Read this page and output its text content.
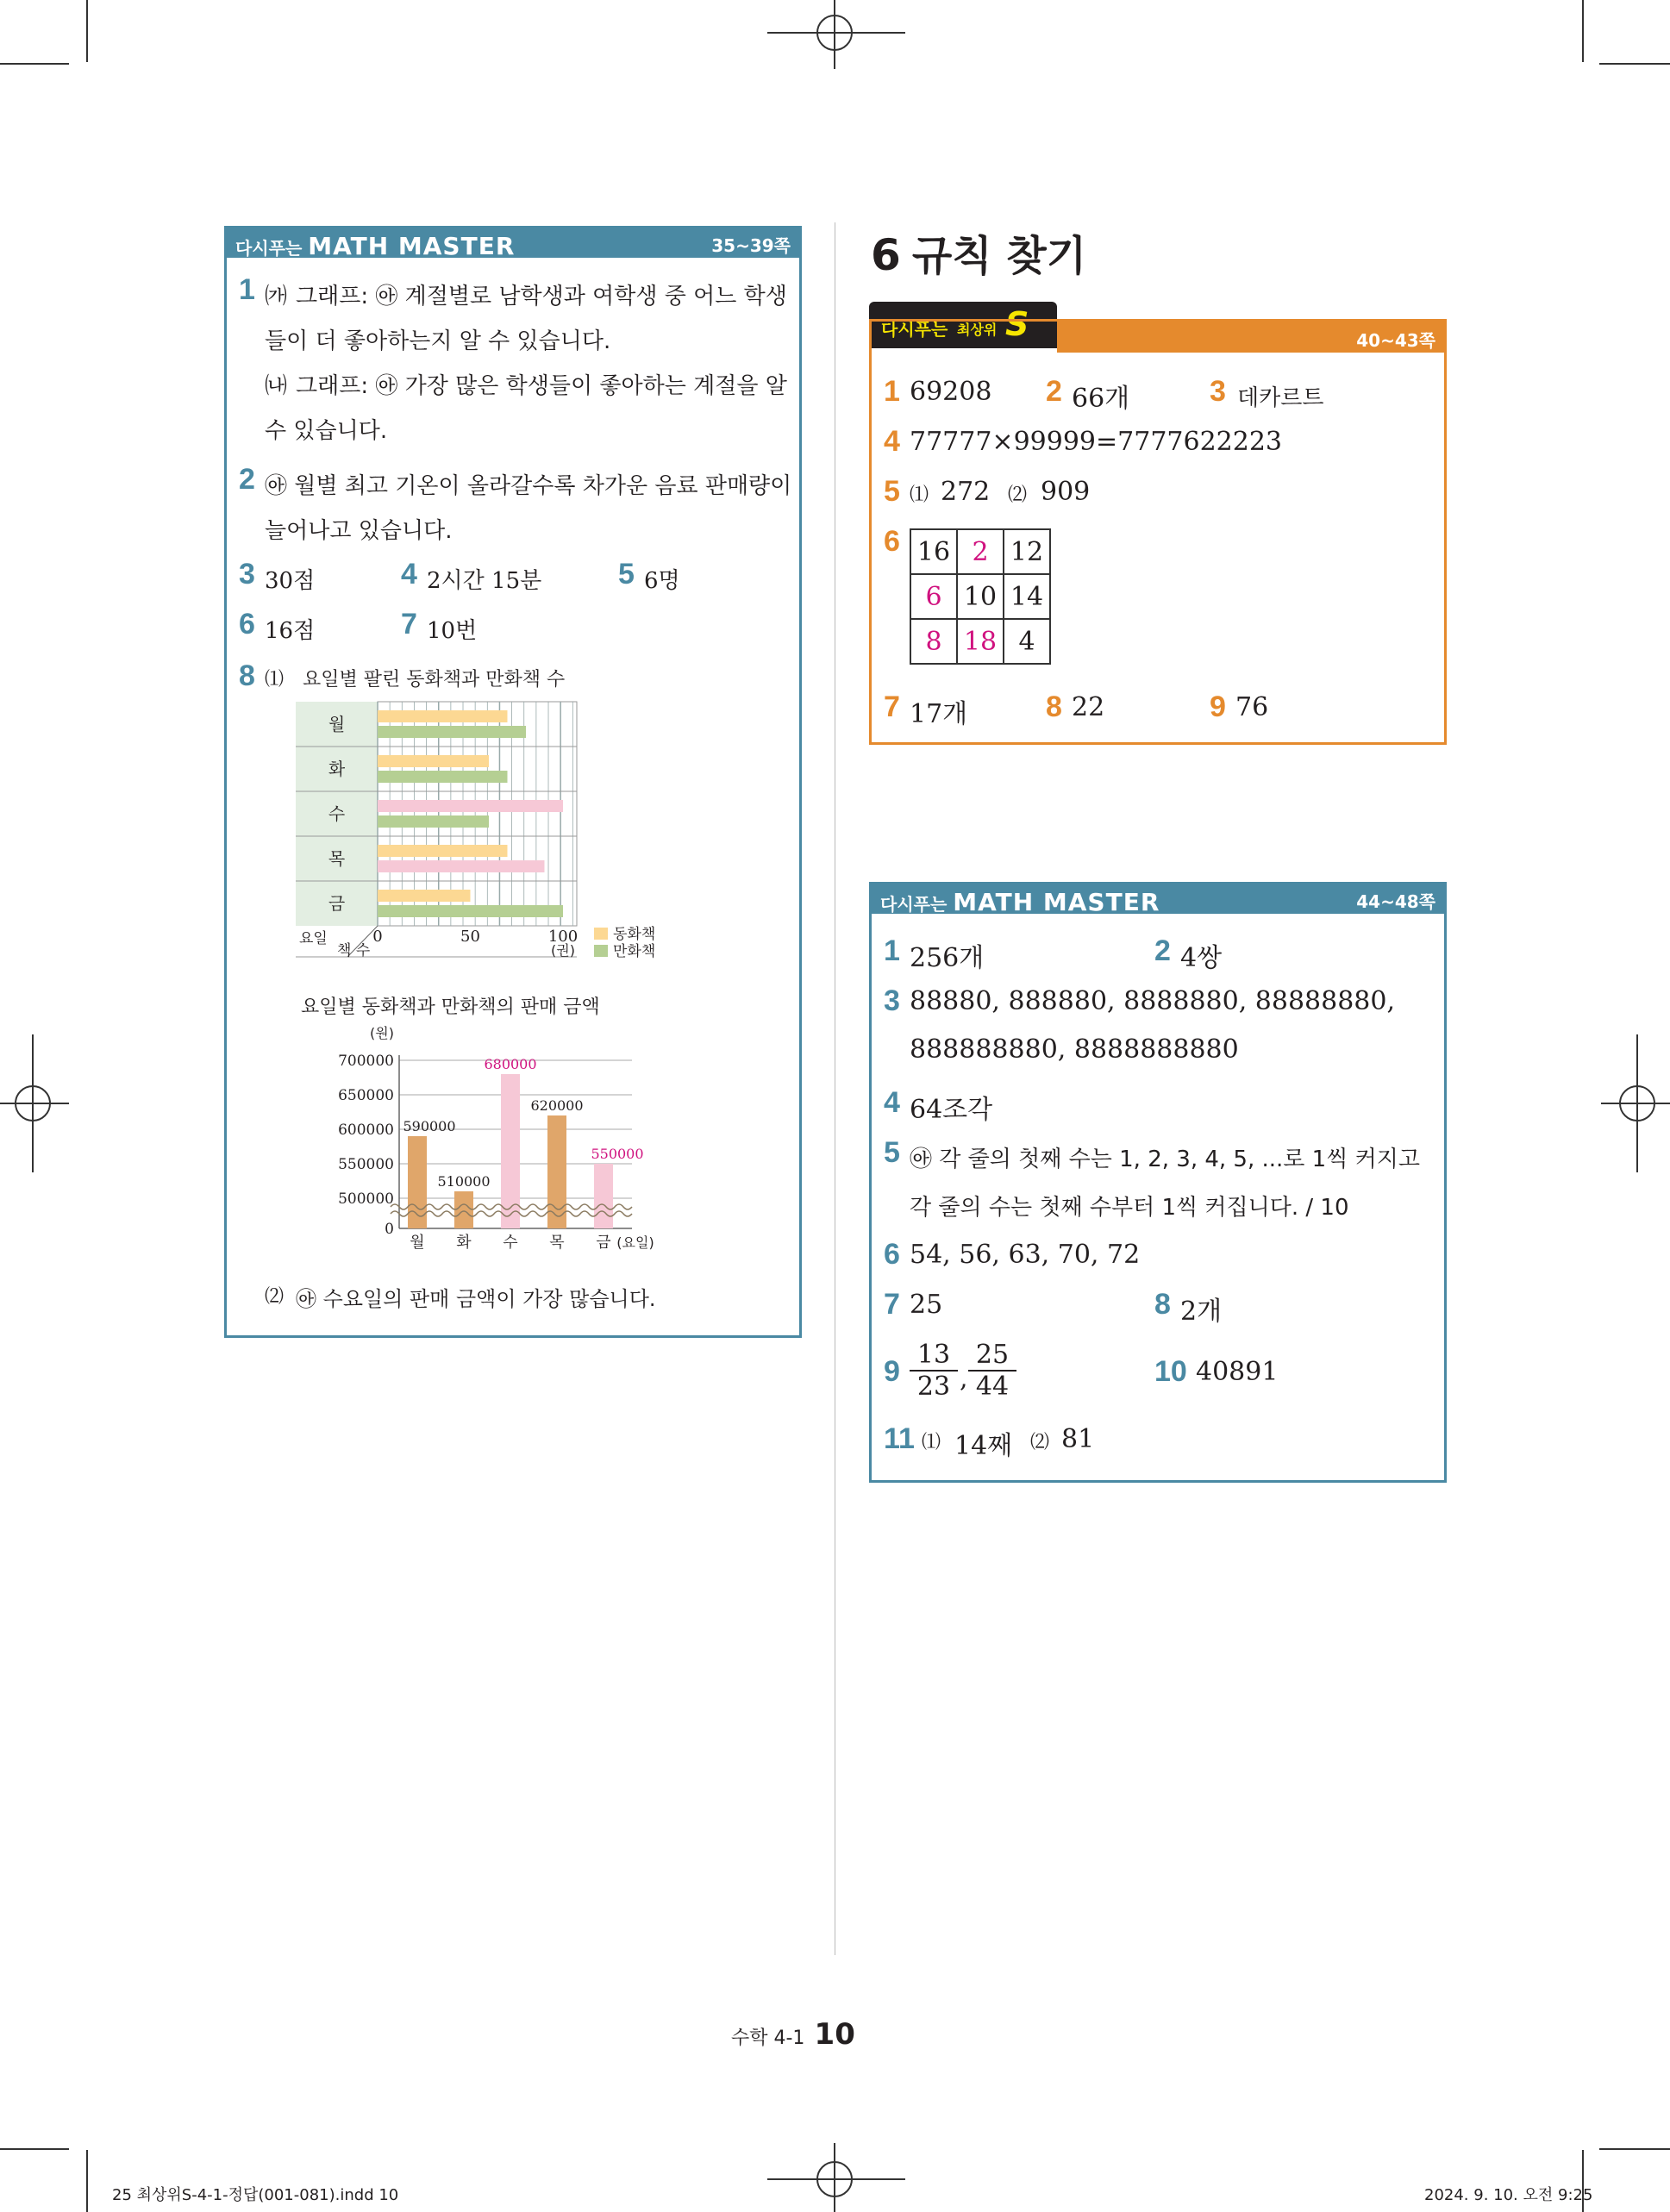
다시푸는 MATH MASTER	35~39쪽
1 ㈎ 그래프: ㉵ 계절별로 남학생과 여학생 중 어느 학생
들이 더 좋아하는지 알 수 있습니다.
㈏ 그래프: ㉵ 가장 많은 학생들이 좋아하는 계절을 알
수 있습니다.
2 ㉵ 월별 최고 기온이 올라갈수록 차가운 음료 판매량이
늘어나고 있습니다.
3 30점	4 2시간 15분	5 6명
6 16점	7 10번
8 ⑴ 요일별 팔린 동화책과 만화책 수
월
화
수
목
금
요일
책 수
0	50	100
(권)
동화책
만화책
요일별 동화책과 만화책의 판매 금액
(원)
700000
650000
600000
550000
500000
0
590000
월
510000
화
680000
수
620000
목
550000
금 (요일)
⑵ ㉵ 수요일의 판매 금액이 가장 많습니다.
6 규칙 찾기
다시푸는 최상위 S	40~43쪽
1 69208 2 66개	3 데카르트
4 77777×99999=7777622223
5 ⑴ 272 ⑵ 909
6 16	2	12
6	10	14
8	18	4
7 17개	8 22	9 76
다시푸는 MATH MASTER	44~48쪽
1 256개	2 4쌍
3 88880, 888880, 8888880, 88888880,
888888880, 8888888880
4 64조각
5 ㉵ 각 줄의 첫째 수는 1, 2, 3, 4, 5, ...로 1씩 커지고
각 줄의 수는 첫째 수부터 1씩 커집니다. / 10
6 54, 56, 63, 70, 72
7 25	8 2개
$9 \frac{13}{23}$ , $\frac{25}{44}$	10 40891
11 ⑴ 14째 ⑵ 81
수학 4-1 10
25 최상위S-4-1-정답(001-081).indd 10	2024. 9. 10. 오전 9:25
